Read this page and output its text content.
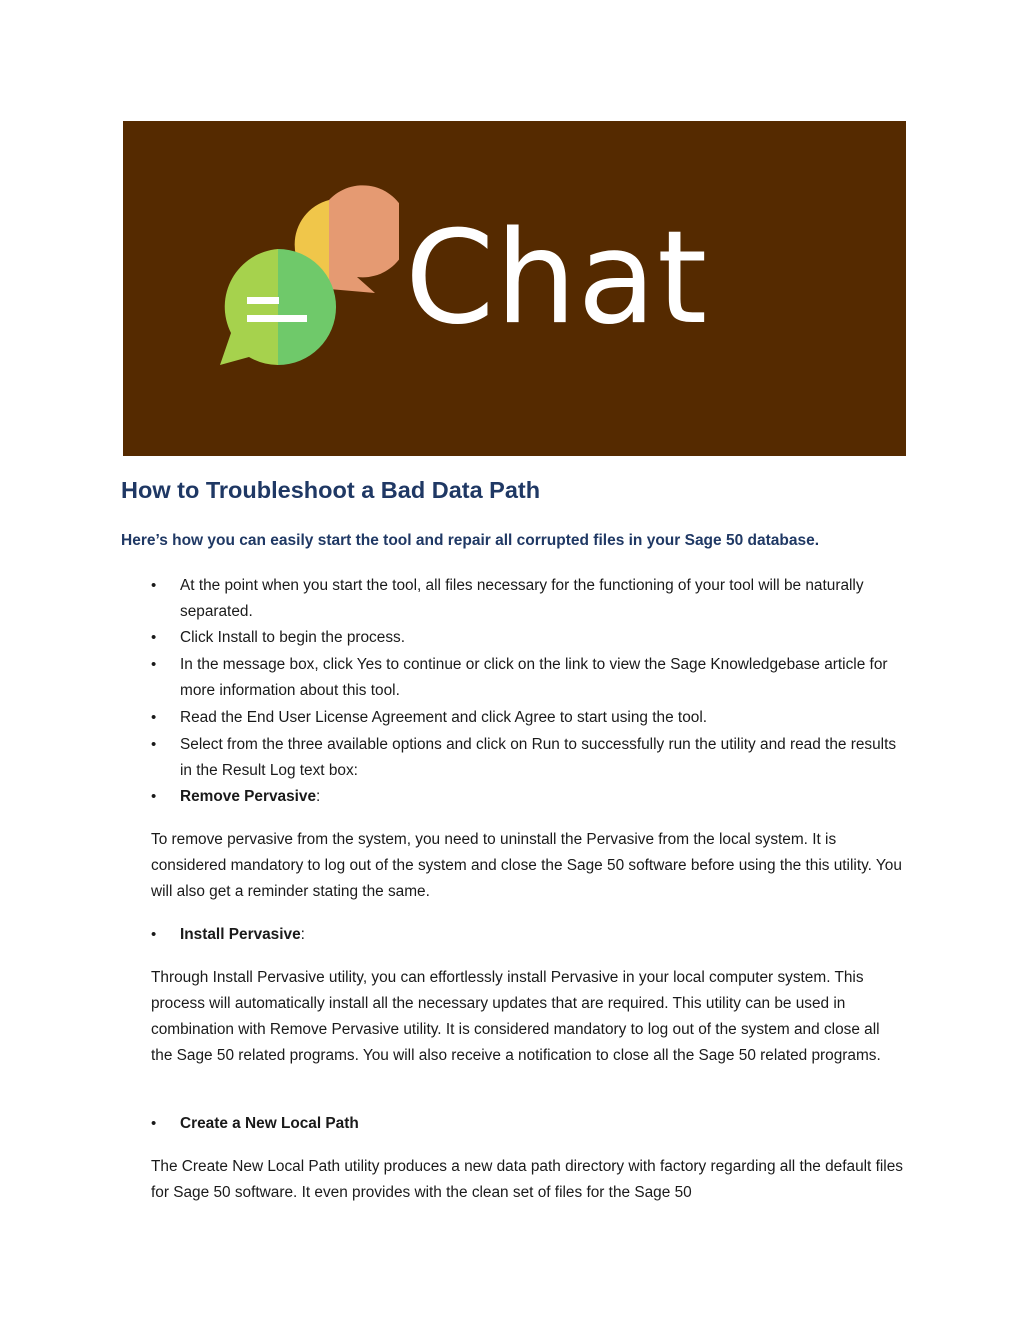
Chat
How to Troubleshoot a Bad Data Path

Here’s how you can easily start the tool and repair all corrupted files in your Sage 50 database.

•	At the point when you start the tool, all files necessary for the functioning of your tool will be naturally separated.
•	Click Install to begin the process.
•	In the message box, click Yes to continue or click on the link to view the Sage Knowledgebase article for more information about this tool.
•	Read the End User License Agreement and click Agree to start using the tool.
•	Select from the three available options and click on Run to successfully run the utility and read the results in the Result Log text box:
•	Remove Pervasive:
To remove pervasive from the system, you need to uninstall the Pervasive from the local system. It is considered mandatory to log out of the system and close the Sage 50 software before using the this utility. You will also get a reminder stating the same.
•	Install Pervasive:
Through Install Pervasive utility, you can effortlessly install Pervasive in your local computer system. This process will automatically install all the necessary updates that are required. This utility can be used in combination with Remove Pervasive utility. It is considered mandatory to log out of the system and close all the Sage 50 related programs. You will also receive a notification to close all the Sage 50 related programs.
•	Create a New Local Path
The Create New Local Path utility produces a new data path directory with factory regarding all the default files for Sage 50 software. It even provides with the clean set of files for the Sage 50
